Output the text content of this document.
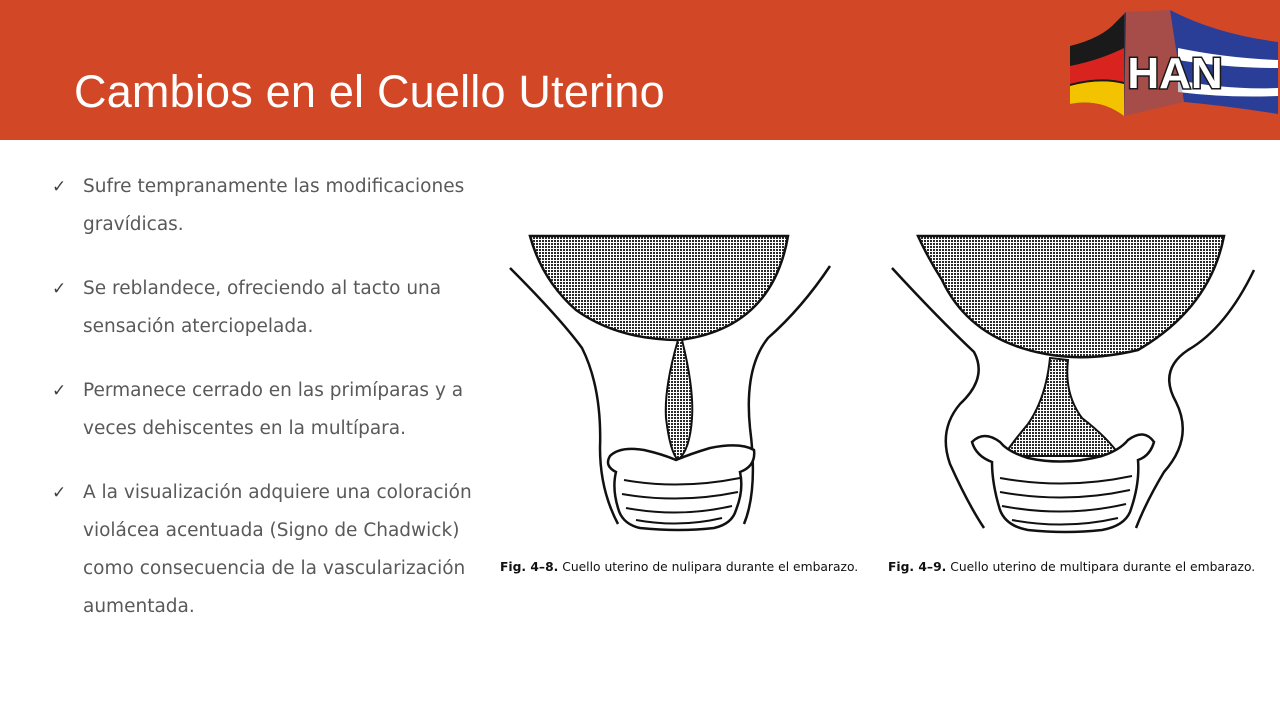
Cambios en el Cuello Uterino	HAN
✓ Sufre tempranamente las modificaciones gravídicas.
✓ Se reblandece, ofreciendo al tacto una sensación aterciopelada.
✓ Permanece cerrado en las primíparas y a veces dehiscentes en la multípara.
✓ A la visualización adquiere una coloración violácea acentuada (Signo de Chadwick) como consecuencia de la vascularización aumentada.
Fig. 4–8. Cuello uterino de nulipara durante el embarazo. Fig. 4–9. Cuello uterino de multipara durante el embarazo.
